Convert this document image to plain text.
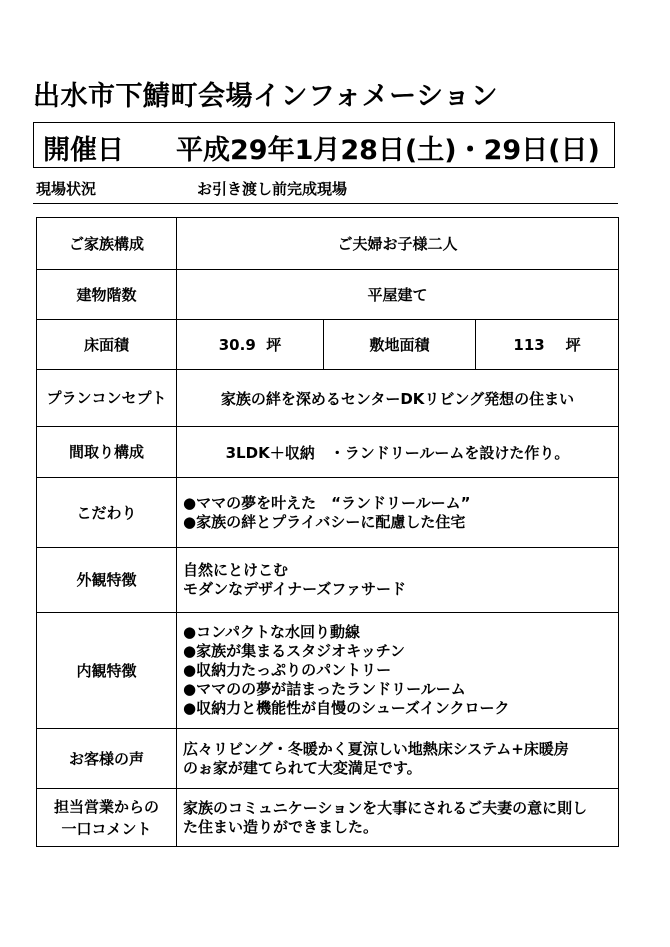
出水市下鯖町会場インフォメーション
開催日 平成29年1月28日(土)・29日(日)
現場状況	お引き渡し前完成現場
ご家族構成	ご夫婦お子様二人		
建物階数	平屋建て		
床面積	30.9 坪	敷地面積	113 坪
プランコンセプト	家族の絆を深めるセンターDKリビング発想の住まい		
間取り構成	3LDK＋収納　・ランドリールームを設けた作り。		
こだわり	●ママの夢を叶えた　“ランドリールーム”
●家族の絆とプライバシーに配慮した住宅		

外観特徴	自然にとけこむ
モダンなデザイナーズファサード		

内観特徴	●コンパクトな水回り動線
●家族が集まるスタジオキッチン
●収納力たっぷりのパントリー
●ママのの夢が詰まったランドリールーム
●収納力と機能性が自慢のシューズインクローク		

お客様の声	広々リビング・冬暖かく夏涼しい地熱床システム+床暖房
のぉ家が建てられて大変満足です。		

担当営業からの
一口コメント	家族のコミュニケーションを大事にされるご夫妻の意に則し
た住まい造りができました。		
